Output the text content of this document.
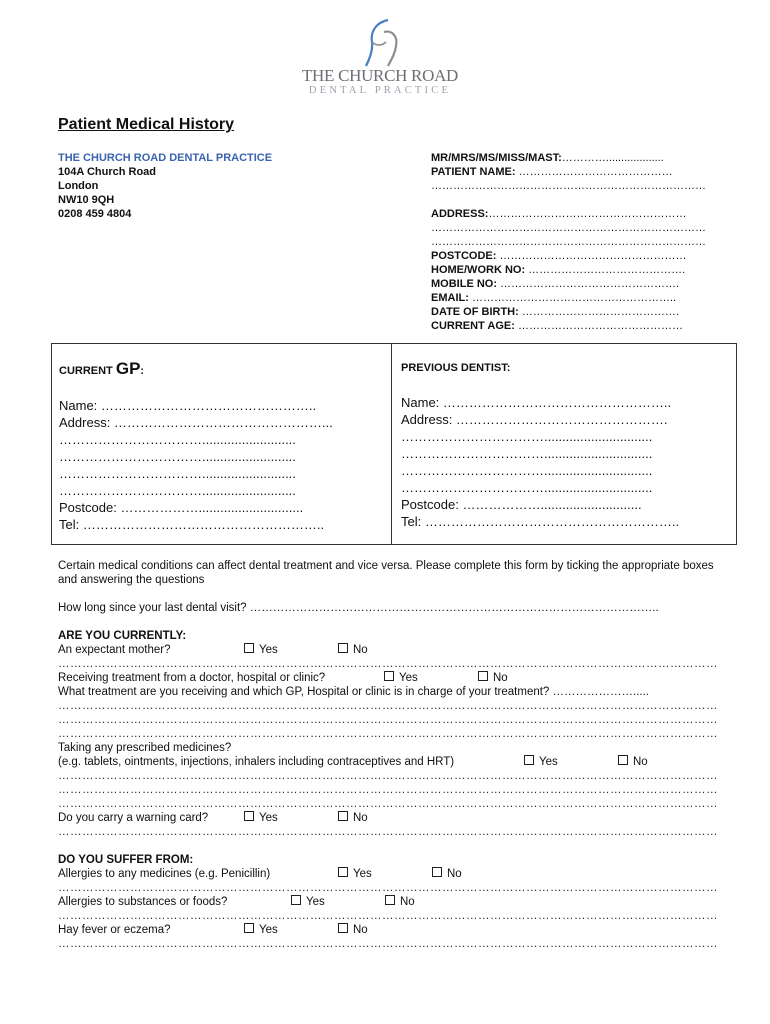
THE CHURCH ROAD
DENTAL PRACTICE
Patient Medical History
THE CHURCH ROAD DENTAL PRACTICE
104A Church Road
London
NW10 9QH
0208 459 4804
MR/MRS/MS/MISS/MAST:…………...................
PATIENT NAME: ……………………………………
…………………………………………………………………
ADDRESS:………………………………………………
…………………………………………………………………
…………………………………………………………………
POSTCODE: ……………………………………………
HOME/WORK NO: …………………………………….
MOBILE NO: ………………………………………….
EMAIL: ………………………………………………..
DATE OF BIRTH: …………………………………….
CURRENT AGE: ………………………………………
CURRENT GP:
Name: …………………………………………..
Address: …………………………………………...
……………………………..........................
……………………………..........................
……………………………..........................
……………………………..........................
Postcode: ……………….............................
Tel: ………………………………………………..
PREVIOUS DENTIST:
Name: ……………………………………………..
Address: ………………………………………….
……………………………..............................
……………………………..............................
……………………………..............................
……………………………..............................
Postcode: ………………............................
Tel: …………………………………………………..
Certain medical conditions can affect dental treatment and vice versa. Please complete this form by ticking the appropriate boxes and answering the questions
How long since your last dental visit? ……………………………………………………………………………………………..
ARE YOU CURRENTLY:
An expectant mother?	Yes	No
…………………………………………………………………………………………………………………………………………………
Receiving treatment from a doctor, hospital or clinic?	Yes	No
What treatment are you receiving and which GP, Hospital or clinic is in charge of your treatment? ………………….....
…………………………………………………………………………………………………………………………………………………
…………………………………………………………………………………………………………………………………………………
…………………………………………………………………………………………………………………………………………………
Taking any prescribed medicines?
(e.g. tablets, ointments, injections, inhalers including contraceptives and HRT)	Yes	No
…………………………………………………………………………………………………………………………………………………
…………………………………………………………………………………………………………………………………………………
…………………………………………………………………………………………………………………………………………………
Do you carry a warning card?	Yes	No
…………………………………………………………………………………………………………………………………………………
DO YOU SUFFER FROM:
Allergies to any medicines (e.g. Penicillin)	Yes	No
…………………………………………………………………………………………………………………………………………………
Allergies to substances or foods?	Yes	No
…………………………………………………………………………………………………………………………………………………
Hay fever or eczema?	Yes	No
…………………………………………………………………………………………………………………………………………………
